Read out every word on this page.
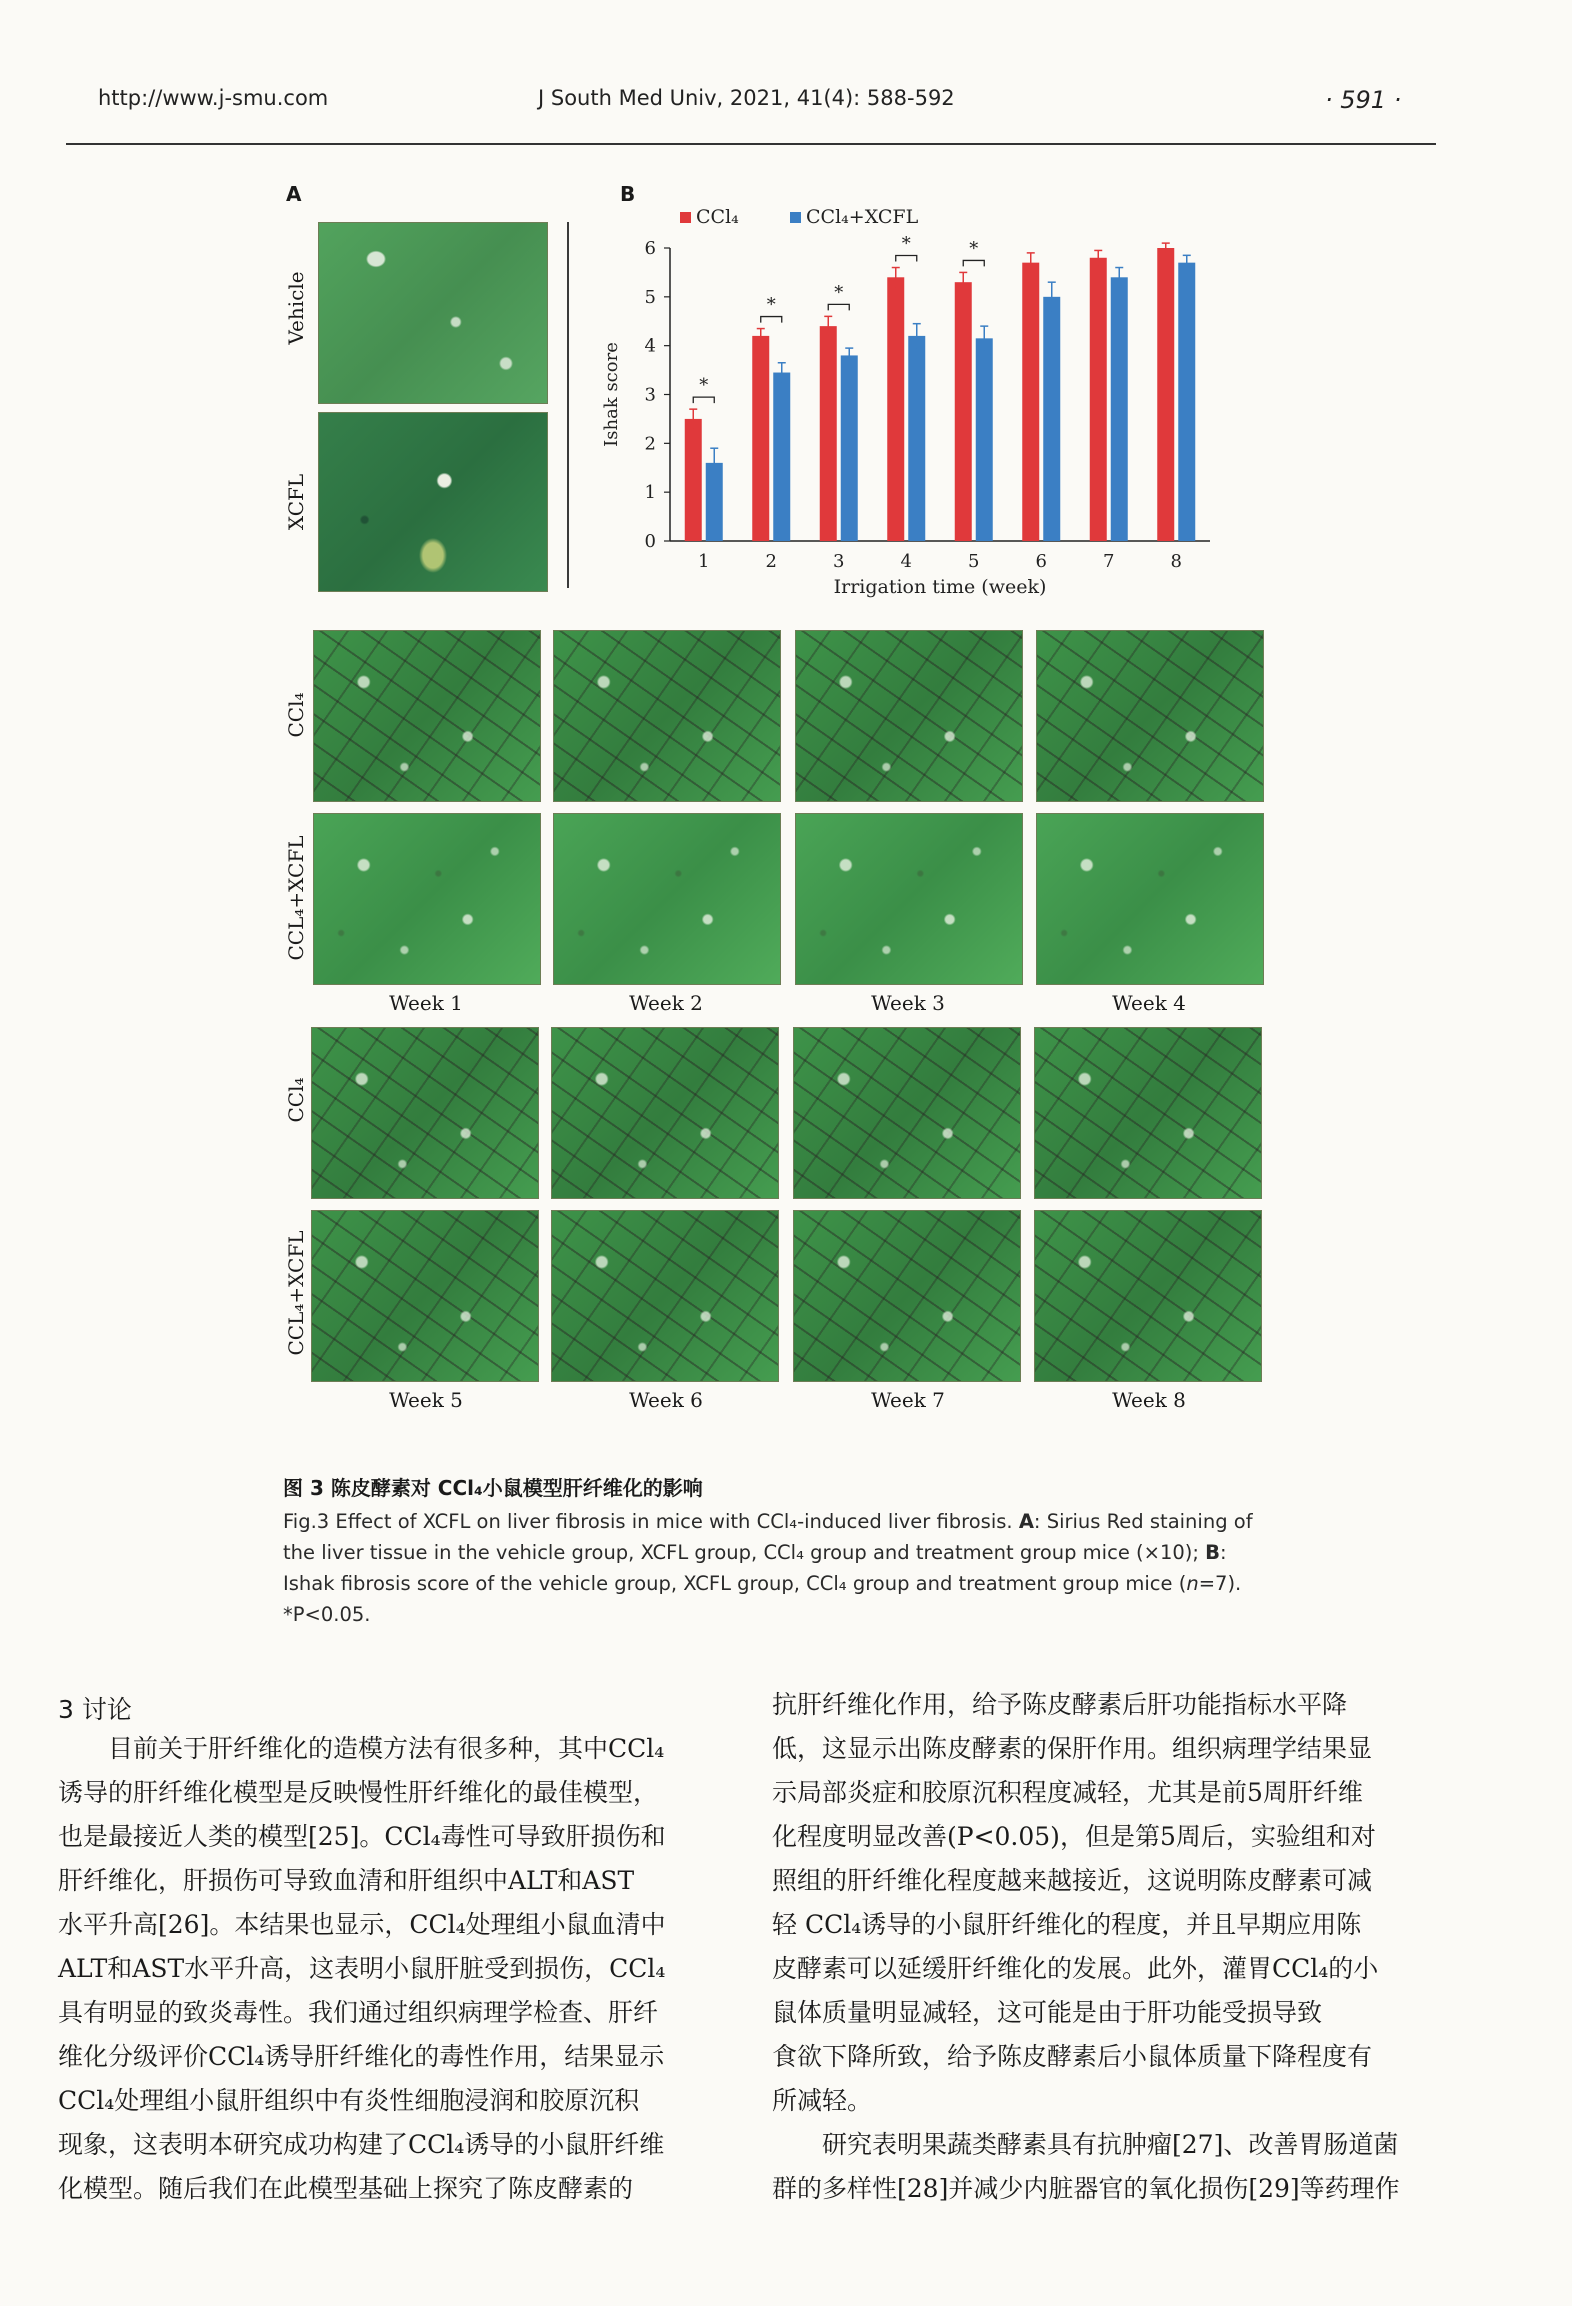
http://www.j-smu.com	J South Med Univ, 2021, 41(4): 588-592	· 591 ·
A	B
Vehicle
XCFL
CCl₄	CCl₄+XCFL
0
1
2
3
4
5
6
Ishak score	*
1
*
2
*
3
*
4
*
5	6	7	8
Irrigation time (week)
CCl₄
CCL₄+XCFL
Week 1	Week 2	Week 3	Week 4
CCl₄
CCL₄+XCFL
Week 5	Week 6	Week 7	Week 8
图 3 陈皮酵素对 CCl₄小鼠模型肝纤维化的影响
Fig.3 Effect of XCFL on liver fibrosis in mice with CCl₄-induced liver fibrosis. A: Sirius Red staining of the liver tissue in the vehicle group, XCFL group, CCl₄ group and treatment group mice (×10); B: Ishak fibrosis score of the vehicle group, XCFL group, CCl₄ group and treatment group mice (n=7).
*P<0.05.
3 讨论
目前关于肝纤维化的造模方法有很多种，其中CCl₄
诱导的肝纤维化模型是反映慢性肝纤维化的最佳模型，
也是最接近人类的模型[25]。CCl₄毒性可导致肝损伤和
肝纤维化，肝损伤可导致血清和肝组织中ALT和AST
水平升高[26]。本结果也显示，CCl₄处理组小鼠血清中
ALT和AST水平升高，这表明小鼠肝脏受到损伤，CCl₄
具有明显的致炎毒性。我们通过组织病理学检查、肝纤
维化分级评价CCl₄诱导肝纤维化的毒性作用，结果显示
CCl₄处理组小鼠肝组织中有炎性细胞浸润和胶原沉积
现象，这表明本研究成功构建了CCl₄诱导的小鼠肝纤维
化模型。随后我们在此模型基础上探究了陈皮酵素的
抗肝纤维化作用，给予陈皮酵素后肝功能指标水平降
低，这显示出陈皮酵素的保肝作用。组织病理学结果显
示局部炎症和胶原沉积程度减轻，尤其是前5周肝纤维
化程度明显改善(P<0.05)，但是第5周后，实验组和对
照组的肝纤维化程度越来越接近，这说明陈皮酵素可减
轻 CCl₄诱导的小鼠肝纤维化的程度，并且早期应用陈
皮酵素可以延缓肝纤维化的发展。此外，灌胃CCl₄的小
鼠体质量明显减轻，这可能是由于肝功能受损导致
食欲下降所致，给予陈皮酵素后小鼠体质量下降程度有
所减轻。
研究表明果蔬类酵素具有抗肿瘤[27]、改善胃肠道菌
群的多样性[28]并减少内脏器官的氧化损伤[29]等药理作
